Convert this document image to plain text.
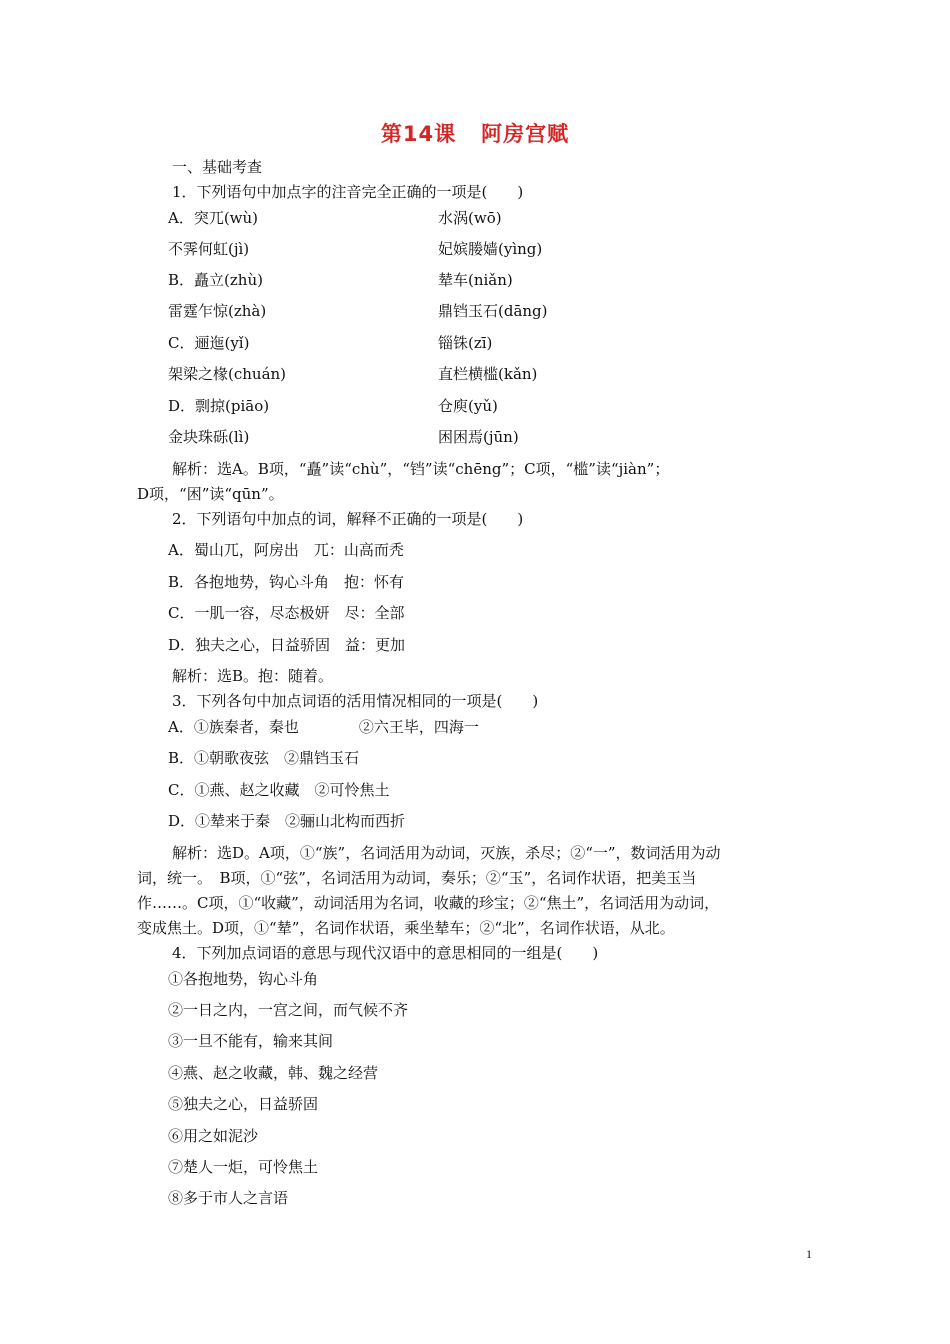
第14课   阿房宫赋
一、基础考查
1．下列语句中加点字的注音完全正确的一项是(　　)
A．突兀(wù)	水涡(wō)
不霁何虹(jì)	妃嫔媵嫱(yìng)
B．矗立(zhù)	辇车(niǎn)
雷霆乍惊(zhà)	鼎铛玉石(dāng)
C．逦迤(yǐ)	锱铢(zī)
架梁之椽(chuán)	直栏横槛(kǎn)
D．剽掠(piāo)	仓庾(yǔ)
金块珠砾(lì)	困困焉(jūn)
解析：选A。B项，“矗”读“chù”，“铛”读“chēng”；C项，“槛”读“jiàn”；
D项，“困”读“qūn”。
2．下列语句中加点的词，解释不正确的一项是(　　)
A．蜀山兀，阿房出　兀：山高而秃
B．各抱地势，钩心斗角　抱：怀有
C．一肌一容，尽态极妍　尽：全部
D．独夫之心，日益骄固　益：更加
解析：选B。抱：随着。
3．下列各句中加点词语的活用情况相同的一项是(　　)
A．①族秦者，秦也　　　　②六王毕，四海一
B．①朝歌夜弦　②鼎铛玉石
C．①燕、赵之收藏　②可怜焦土
D．①辇来于秦　②骊山北构而西折
解析：选D。A项，①“族”，名词活用为动词，灭族，杀尽；②“一”，数词活用为动
词，统一。　B项，①“弦”，名词活用为动词，奏乐；②“玉”，名词作状语，把美玉当
作……。C项，①“收藏”，动词活用为名词，收藏的珍宝；②“焦土”，名词活用为动词，
变成焦土。D项，①“辇”，名词作状语，乘坐辇车；②“北”，名词作状语，从北。
4．下列加点词语的意思与现代汉语中的意思相同的一组是(　　)
①各抱地势，钩心斗角
②一日之内，一宫之间，而气候不齐
③一旦不能有，输来其间
④燕、赵之收藏，韩、魏之经营
⑤独夫之心，日益骄固
⑥用之如泥沙
⑦楚人一炬，可怜焦土
⑧多于市人之言语
1
